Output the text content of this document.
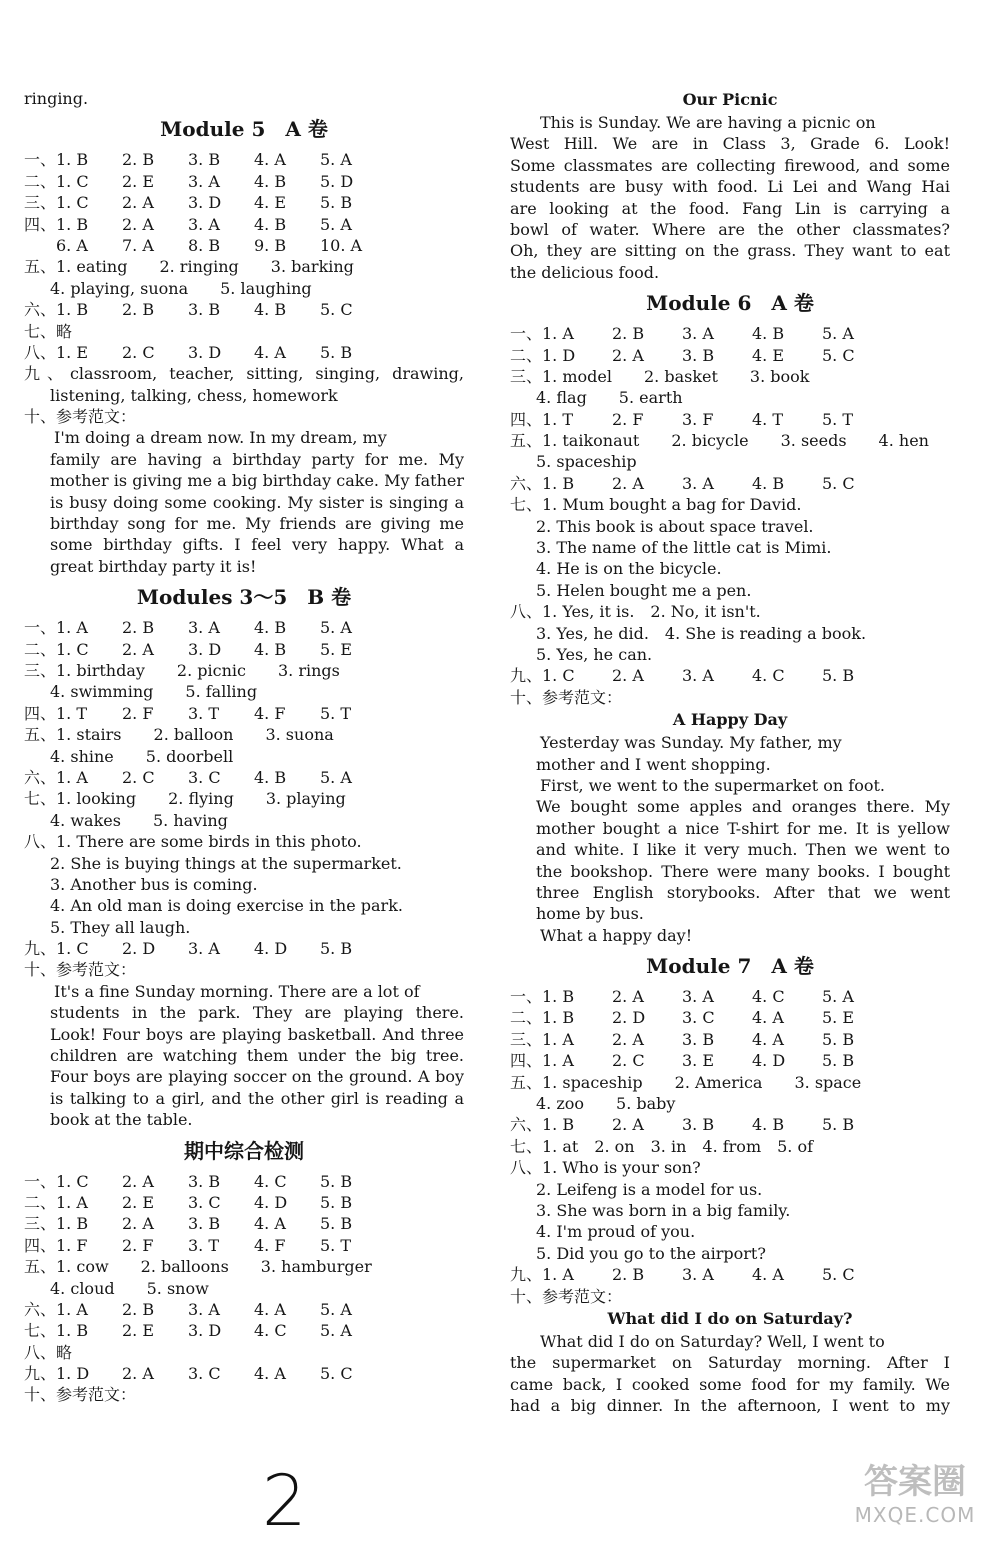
ringing.
Module 5　A 卷
一、1. B 2. B 3. B 4. A 5. A
二、1. C 2. E 3. A 4. B 5. D
三、1. C 2. A 3. D 4. E 5. B
四、1. B 2. A 3. A 4. B 5. A
6. A 7. A 8. B 9. B 10. A
五、1. eating　　2. ringing　　3. barking
4. playing, suona　　5. laughing
六、1. B 2. B 3. B 4. B 5. C
七、略
八、1. E 2. C 3. D 4. A 5. B
九、classroom, teacher, sitting, singing, drawing,
listening, talking, chess, homework
十、参考范文：
I'm doing a dream now. In my dream, my
family are having a birthday party for me. My
mother is giving me a big birthday cake. My father
is busy doing some cooking. My sister is singing a
birthday song for me. My friends are giving me
some birthday gifts. I feel very happy. What a
great birthday party it is!
Modules 3～5　B 卷
一、1. A 2. B 3. A 4. B 5. A
二、1. C 2. A 3. D 4. B 5. E
三、1. birthday　　2. picnic　　3. rings
4. swimming　　5. falling
四、1. T 2. F 3. T 4. F 5. T
五、1. stairs　　2. balloon　　3. suona
4. shine　　5. doorbell
六、1. A 2. C 3. C 4. B 5. A
七、1. looking　　2. flying　　3. playing
4. wakes　　5. having
八、1. There are some birds in this photo.
2. She is buying things at the supermarket.
3. Another bus is coming.
4. An old man is doing exercise in the park.
5. They all laugh.
九、1. C 2. D 3. A 4. D 5. B
十、参考范文：
It's a fine Sunday morning. There are a lot of
students in the park. They are playing there.
Look! Four boys are playing basketball. And three
children are watching them under the big tree.
Four boys are playing soccer on the ground. A boy
is talking to a girl, and the other girl is reading a
book at the table.
期中综合检测
一、1. C 2. A 3. B 4. C 5. B
二、1. A 2. E 3. C 4. D 5. B
三、1. B 2. A 3. B 4. A 5. B
四、1. F 2. F 3. T 4. F 5. T
五、1. cow　　2. balloons　　3. hamburger
4. cloud　　5. snow
六、1. A 2. B 3. A 4. A 5. A
七、1. B 2. E 3. D 4. C 5. A
八、略
九、1. D 2. A 3. C 4. A 5. C
十、参考范文：
Our Picnic
This is Sunday. We are having a picnic on
West Hill. We are in Class 3, Grade 6. Look!
Some classmates are collecting firewood, and some
students are busy with food. Li Lei and Wang Hai
are looking at the food. Fang Lin is carrying a
bowl of water. Where are the other classmates?
Oh, they are sitting on the grass. They want to eat
the delicious food.
Module 6　A 卷
一、1. A 2. B 3. A 4. B 5. A
二、1. D 2. A 3. B 4. E 5. C
三、1. model　　2. basket　　3. book
4. flag　　5. earth
四、1. T 2. F 3. F 4. T 5. T
五、1. taikonaut　　2. bicycle　　3. seeds　　4. hen
5. spaceship
六、1. B 2. A 3. A 4. B 5. C
七、1. Mum bought a bag for David.
2. This book is about space travel.
3. The name of the little cat is Mimi.
4. He is on the bicycle.
5. Helen bought me a pen.
八、1. Yes, it is.　2. No, it isn't.
3. Yes, he did.　4. She is reading a book.
5. Yes, he can.
九、1. C 2. A 3. A 4. C 5. B
十、参考范文：
A Happy Day
Yesterday was Sunday. My father, my
mother and I went shopping.
First, we went to the supermarket on foot.
We bought some apples and oranges there. My
mother bought a nice T-shirt for me. It is yellow
and white. I like it very much. Then we went to
the bookshop. There were many books. I bought
three English storybooks. After that we went
home by bus.
What a happy day!
Module 7　A 卷
一、1. B 2. A 3. A 4. C 5. A
二、1. B 2. D 3. C 4. A 5. E
三、1. A 2. A 3. B 4. A 5. B
四、1. A 2. C 3. E 4. D 5. B
五、1. spaceship　　2. America　　3. space
4. zoo　　5. baby
六、1. B 2. A 3. B 4. B 5. B
七、1. at　2. on　3. in　4. from　5. of
八、1. Who is your son?
2. Leifeng is a model for us.
3. She was born in a big family.
4. I'm proud of you.
5. Did you go to the airport?
九、1. A 2. B 3. A 4. A 5. C
十、参考范文：
What did I do on Saturday?
What did I do on Saturday? Well, I went to
the supermarket on Saturday morning. After I
came back, I cooked some food for my family. We
had a big dinner. In the afternoon, I went to my
2	答案圈
MXQE.COM
